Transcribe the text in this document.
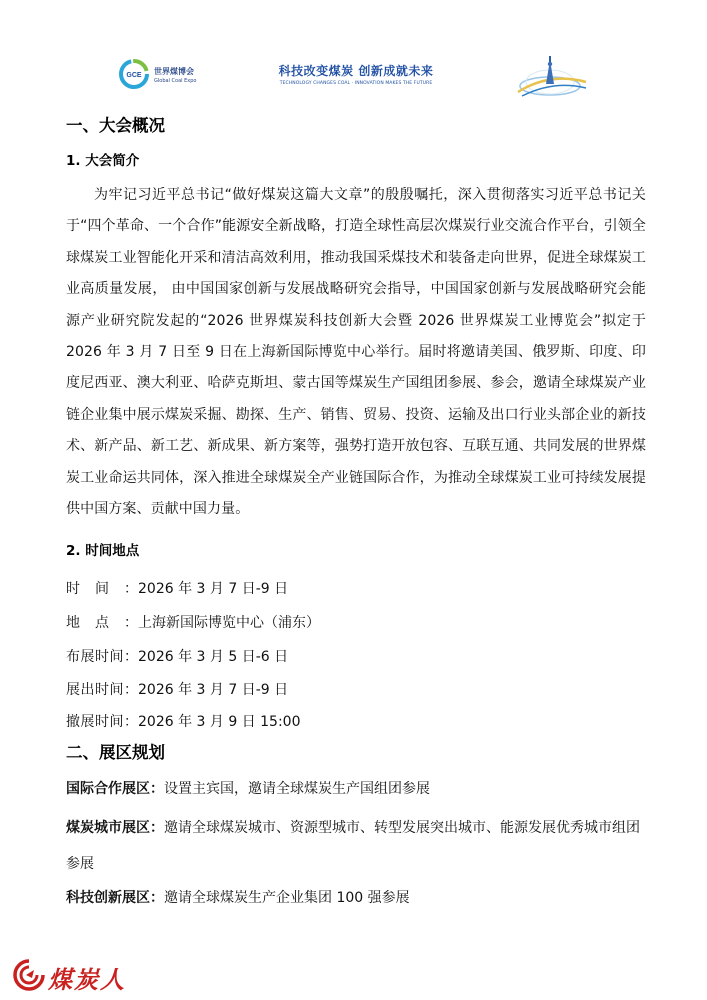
GCE 世界煤博会
Global Coal Expo
科技改变煤炭 创新成就未来
TECHNOLOGY CHANGES COAL · INNOVATION MAKES THE FUTURE
一、大会概况
1. 大会简介
为牢记习近平总书记“做好煤炭这篇大文章”的殷殷嘱托，深入贯彻落实习近平总书记关于“四个革命、一个合作”能源安全新战略，打造全球性高层次煤炭行业交流合作平台，引领全球煤炭工业智能化开采和清洁高效利用，推动我国采煤技术和装备走向世界，促进全球煤炭工业高质量发展， 由中国国家创新与发展战略研究会指导，中国国家创新与发展战略研究会能源产业研究院发起的“2026 世界煤炭科技创新大会暨 2026 世界煤炭工业博览会”拟定于 2026 年 3 月 7 日至 9 日在上海新国际博览中心举行。届时将邀请美国、俄罗斯、印度、印度尼西亚、澳大利亚、哈萨克斯坦、蒙古国等煤炭生产国组团参展、参会，邀请全球煤炭产业链企业集中展示煤炭采掘、勘探、生产、销售、贸易、投资、运输及出口行业头部企业的新技术、新产品、新工艺、新成果、新方案等，强势打造开放包容、互联互通、共同发展的世界煤炭工业命运共同体，深入推进全球煤炭全产业链国际合作，为推动全球煤炭工业可持续发展提供中国方案、贡献中国力量。
2. 时间地点
时间：2026 年 3 月 7 日-9 日
地点：上海新国际博览中心（浦东）
布展时间：2026 年 3 月 5 日-6 日
展出时间：2026 年 3 月 7 日-9 日
撤展时间：2026 年 3 月 9 日 15:00
二、展区规划
国际合作展区：设置主宾国，邀请全球煤炭生产国组团参展
煤炭城市展区：邀请全球煤炭城市、资源型城市、转型发展突出城市、能源发展优秀城市组团参展
科技创新展区：邀请全球煤炭生产企业集团 100 强参展
煤炭人
